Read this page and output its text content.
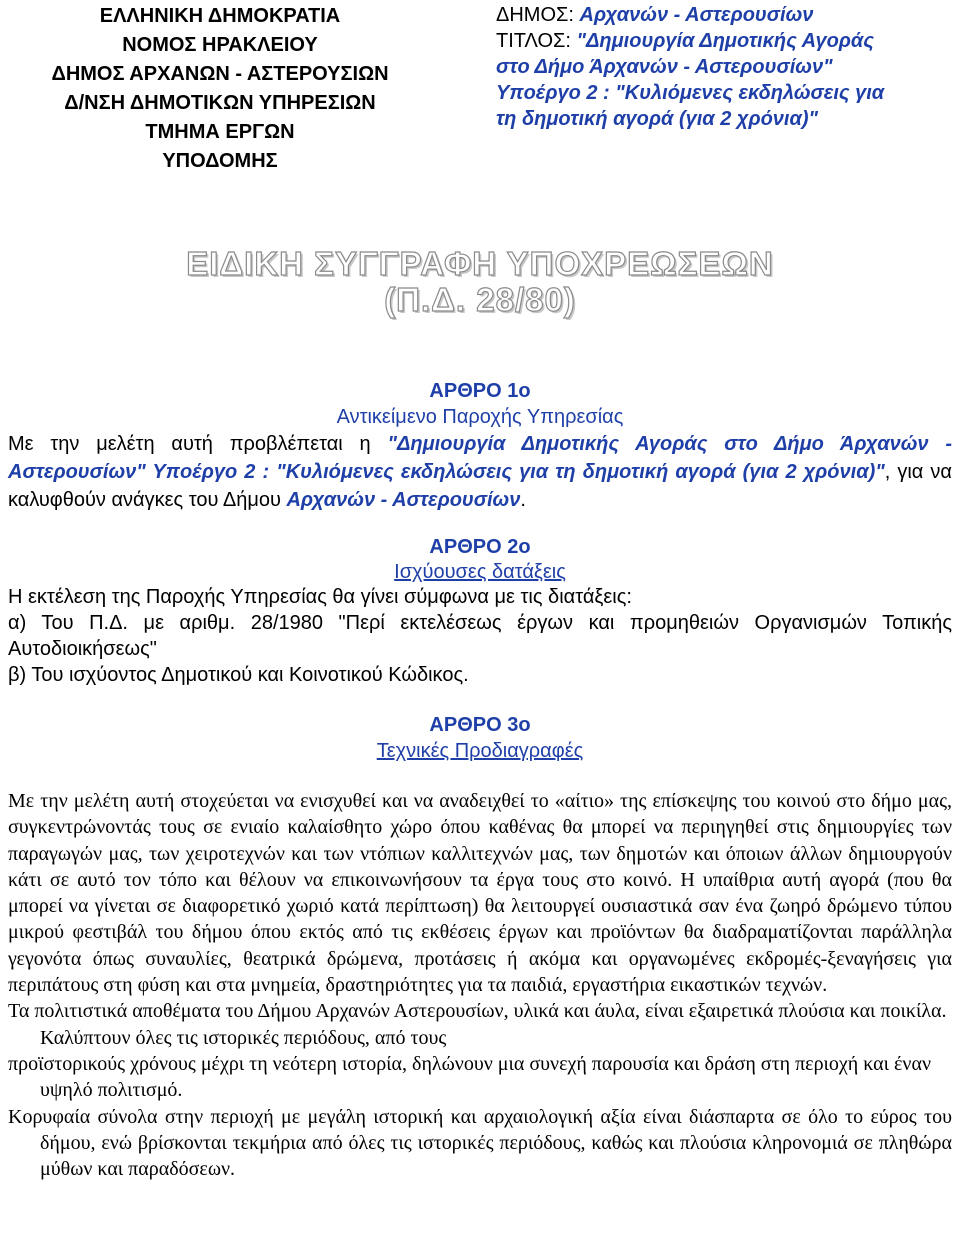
ΕΛΛΗΝΙΚΗ ΔΗΜΟΚΡΑΤΙΑ
ΝΟΜΟΣ ΗΡΑΚΛΕΙΟΥ
ΔΗΜΟΣ ΑΡΧΑΝΩΝ - ΑΣΤΕΡΟΥΣΙΩΝ
Δ/ΝΣΗ ΔΗΜΟΤΙΚΩΝ ΥΠΗΡΕΣΙΩΝ
ΤΜΗΜΑ ΕΡΓΩΝ
ΥΠΟΔΟΜΗΣ
ΔΗΜΟΣ: Αρχανών - Αστερουσίων
ΤΙΤΛΟΣ: "Δημιουργία Δημοτικής Αγοράς
στο Δήμο Άρχανών - Αστερουσίων"
Υποέργο 2 : "Κυλιόμενες εκδηλώσεις για
τη δημοτική αγορά (για 2 χρόνια)"
ΕΙΔΙΚΗ ΣΥΓΓΡΑΦΗ ΥΠΟΧΡΕΩΣΕΩΝ
(Π.Δ. 28/80)
ΑΡΘΡΟ 1ο
Αντικείμενο Παροχής Υπηρεσίας
Με την μελέτη αυτή προβλέπεται η "Δημιουργία Δημοτικής Αγοράς στο Δήμο Άρχανών - Αστερουσίων" Υποέργο 2 : "Κυλιόμενες εκδηλώσεις για τη δημοτική αγορά (για 2 χρόνια)", για να καλυφθούν ανάγκες του Δήμου Αρχανών - Αστερουσίων.
ΑΡΘΡΟ 2ο
Ισχύουσες δατάξεις
Η εκτέλεση της Παροχής Υπηρεσίας θα γίνει σύμφωνα με τις διατάξεις:
α) Του Π.Δ. με αριθμ. 28/1980 "Περί εκτελέσεως έργων και προμηθειών Οργανισμών Τοπικής Αυτοδιοικήσεως"
β) Του ισχύοντος Δημοτικού και Κοινοτικού Κώδικος.
ΑΡΘΡΟ 3ο
Τεχνικές Προδιαγραφές

Με την μελέτη αυτή στοχεύεται να ενισχυθεί και να αναδειχθεί το «αίτιο» της επίσκεψης του κοινού στο δήμο μας, συγκεντρώνοντάς τους σε ενιαίο καλαίσθητο χώρο όπου καθένας θα μπορεί να περιηγηθεί στις δημιουργίες των παραγωγών μας, των χειροτεχνών και των ντόπιων καλλιτεχνών μας, των δημοτών και όποιων άλλων δημιουργούν κάτι σε αυτό τον τόπο και θέλουν να επικοινωνήσουν τα έργα τους στο κοινό. Η υπαίθρια αυτή αγορά (που θα μπορεί να γίνεται σε διαφορετικό χωριό κατά περίπτωση) θα λειτουργεί ουσιαστικά σαν ένα ζωηρό δρώμενο τύπου μικρού φεστιβάλ του δήμου όπου εκτός από τις εκθέσεις έργων και προϊόντων θα διαδραματίζονται παράλληλα γεγονότα όπως συναυλίες, θεατρικά δρώμενα, προτάσεις ή ακόμα και οργανωμένες εκδρομές-ξεναγήσεις για περιπάτους στη φύση και στα μνημεία, δραστηριότητες για τα παιδιά, εργαστήρια εικαστικών τεχνών.

Τα πολιτιστικά αποθέματα του Δήμου Αρχανών Αστερουσίων, υλικά και άυλα, είναι εξαιρετικά πλούσια και ποικίλα. Καλύπτουν όλες τις ιστορικές περιόδους, από τους

προϊστορικούς χρόνους μέχρι τη νεότερη ιστορία, δηλώνουν μια συνεχή παρουσία και δράση στη περιοχή και έναν υψηλό πολιτισμό.

Κορυφαία σύνολα στην περιοχή με μεγάλη ιστορική και αρχαιολογική αξία είναι διάσπαρτα σε όλο το εύρος του δήμου, ενώ βρίσκονται τεκμήρια από όλες τις ιστορικές περιόδους, καθώς και πλούσια κληρονομιά σε πληθώρα μύθων και παραδόσεων.
